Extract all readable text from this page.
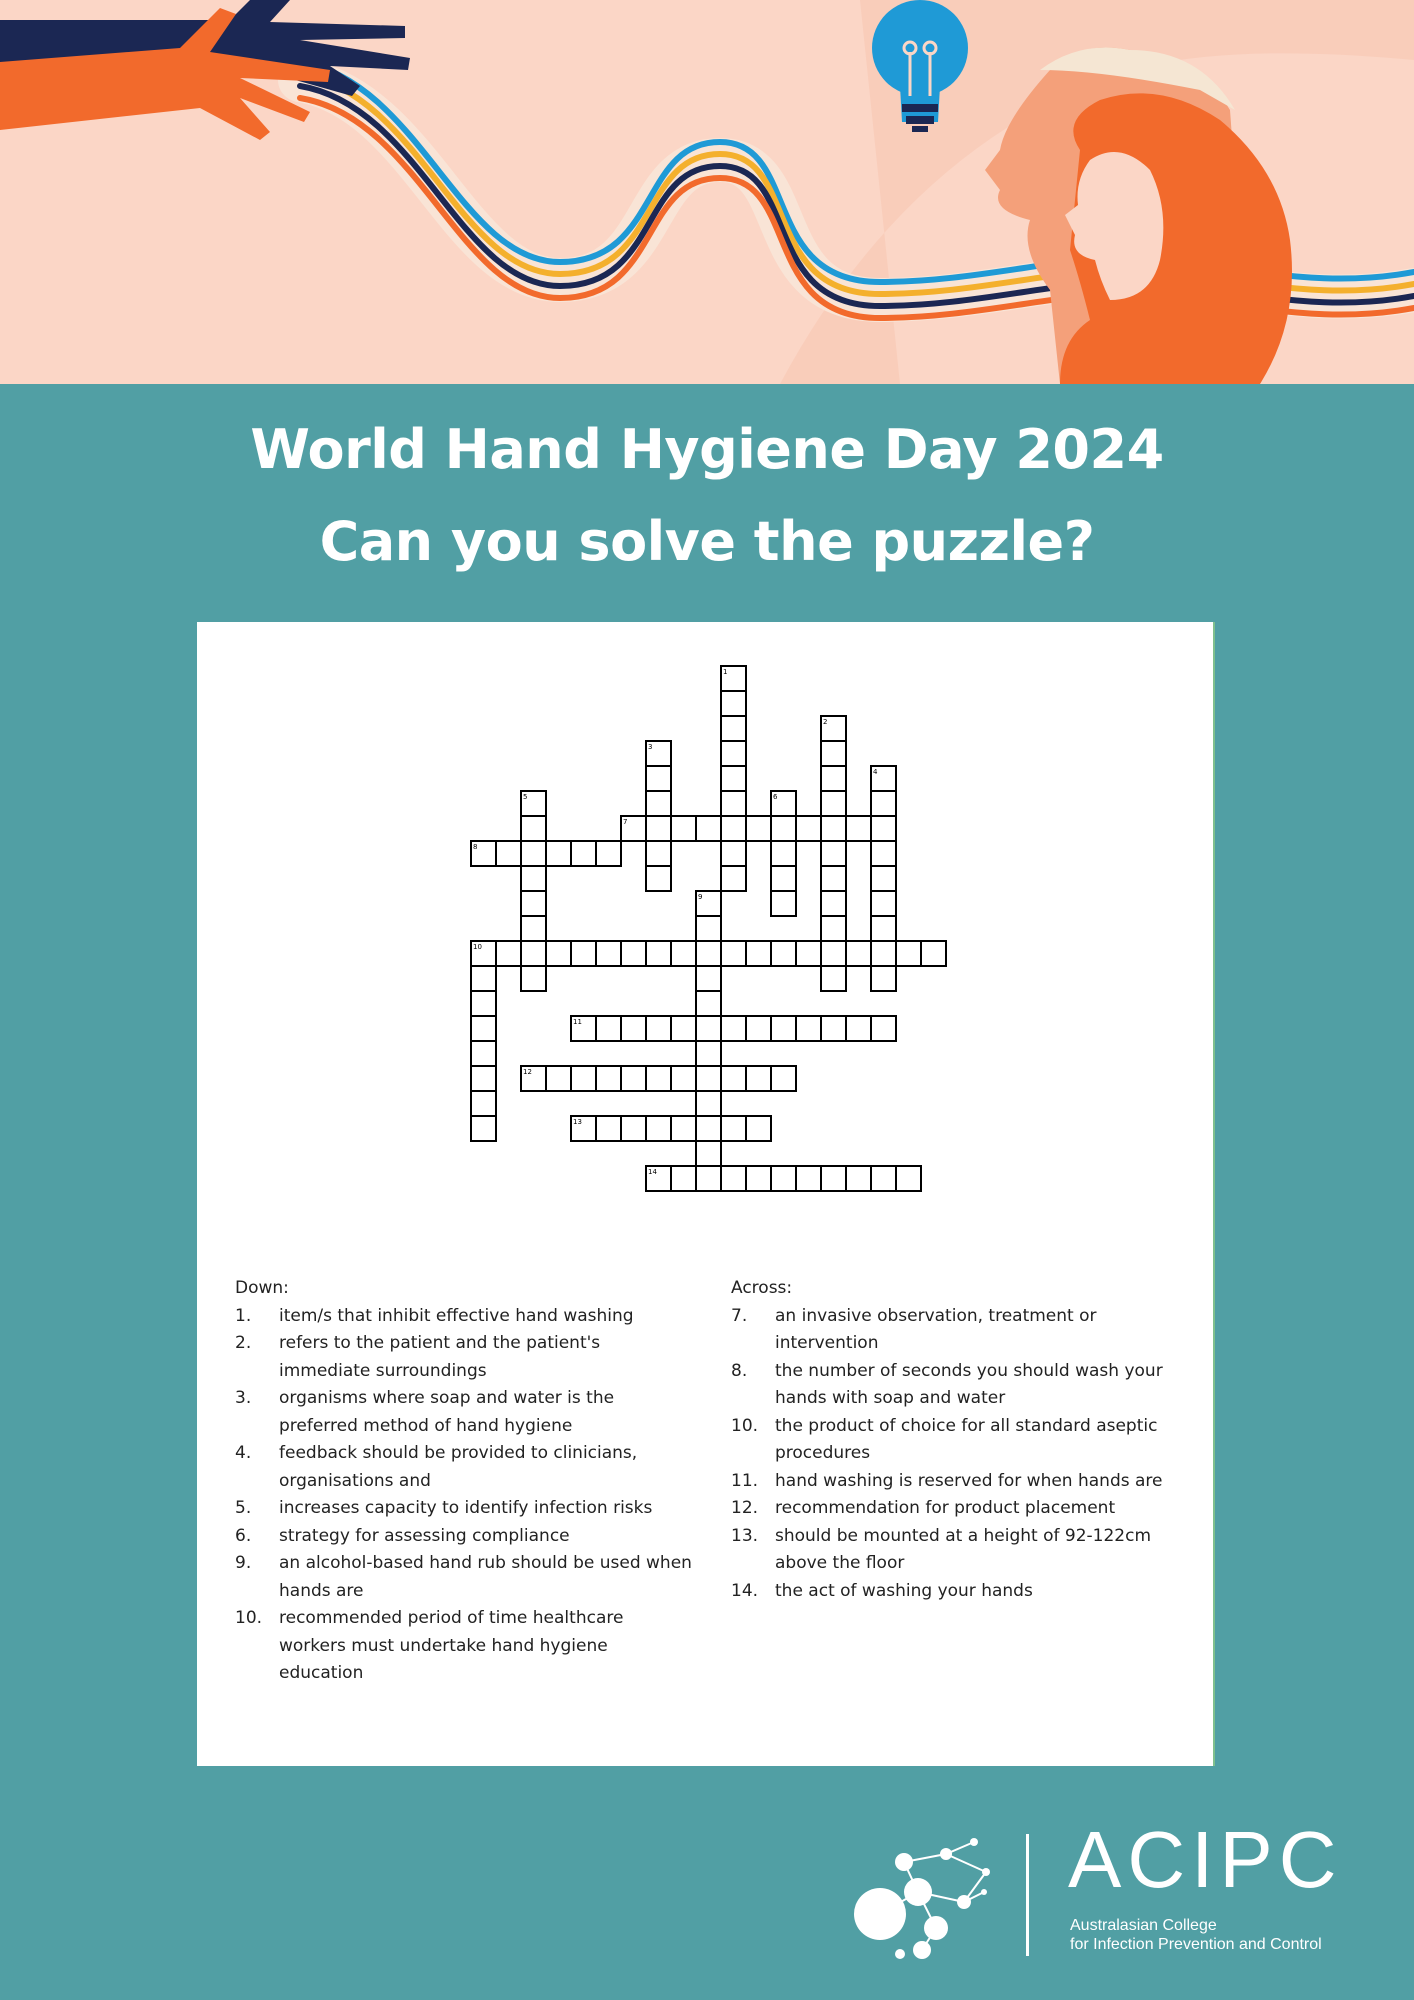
World Hand Hygiene Day 2024
Can you solve the puzzle?
1
2
3
4
5	6
7
8
9
10
11
12
13
14
Down:
1.	item/s that inhibit effective hand washing
2.	refers to the patient and the patient's immediate surroundings
3.	organisms where soap and water is the preferred method of hand hygiene
4.	feedback should be provided to clinicians, organisations and
5.	increases capacity to identify infection risks
6.	strategy for assessing compliance
9.	an alcohol-based hand rub should be used when hands are
10. recommended period of time healthcare workers must undertake hand hygiene education
Across:
7.	an invasive observation, treatment or intervention
8.	the number of seconds you should wash your hands with soap and water
10. the product of choice for all standard aseptic procedures
11. hand washing is reserved for when hands are
12. recommendation for product placement
13. should be mounted at a height of 92-122cm above the floor
14. the act of washing your hands
ACIPC
Australasian College
for Infection Prevention and Control
